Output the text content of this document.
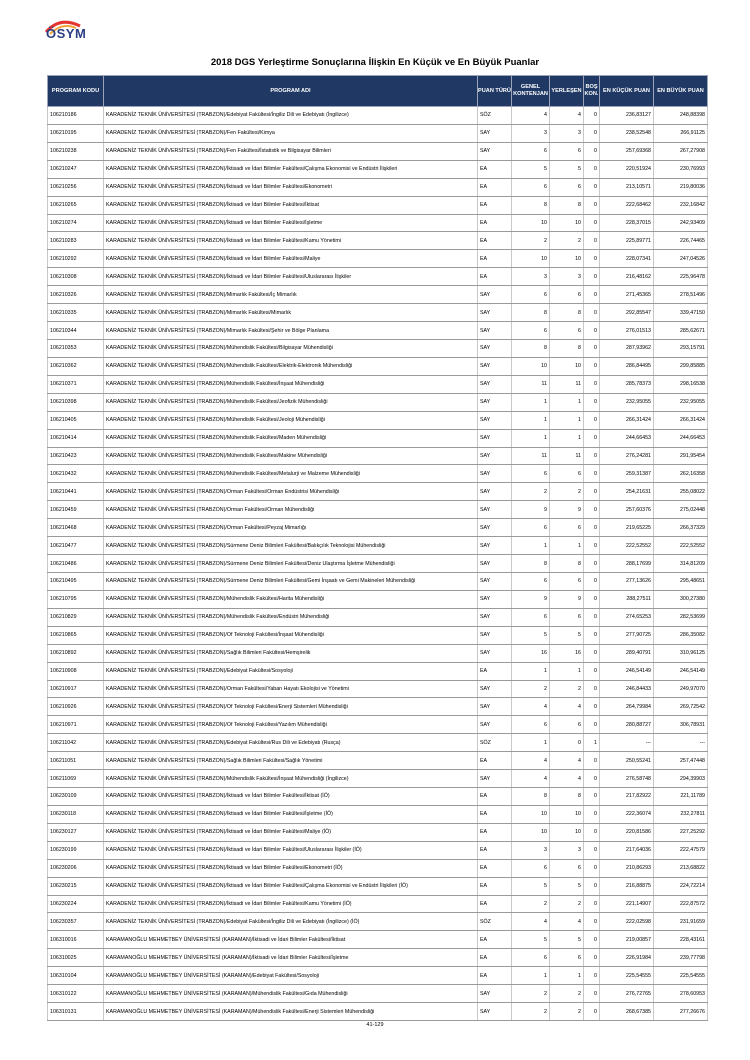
ÖSYM
2018 DGS Yerleştirme Sonuçlarına İlişkin En Küçük ve En Büyük Puanlar
PROGRAM KODU	PROGRAM ADI	PUAN TÜRÜ	GENEL KONTENJAN	YERLEŞEN	BOŞ KON.	EN KÜÇÜK PUAN	EN BÜYÜK PUAN
106210186	KARADENİZ TEKNİK ÜNİVERSİTESİ (TRABZON)/Edebiyat Fakültesi/İngiliz Dili ve Edebiyatı (İngilizce)	SÖZ	4	4	0	236,83127	248,88398
106210195	KARADENİZ TEKNİK ÜNİVERSİTESİ (TRABZON)/Fen Fakültesi/Kimya	SAY	3	3	0	238,52548	266,91125
106210238	KARADENİZ TEKNİK ÜNİVERSİTESİ (TRABZON)/Fen Fakültesi/İstatistik ve Bilgisayar Bilimleri	SAY	6	6	0	257,69368	267,27908
106210247	KARADENİZ TEKNİK ÜNİVERSİTESİ (TRABZON)/İktisadi ve İdari Bilimler Fakültesi/Çalışma Ekonomisi ve Endüstri İlişkileri	EA	5	5	0	220,51924	230,76993
106210256	KARADENİZ TEKNİK ÜNİVERSİTESİ (TRABZON)/İktisadi ve İdari Bilimler Fakültesi/Ekonometri	EA	6	6	0	213,10571	219,80036
106210265	KARADENİZ TEKNİK ÜNİVERSİTESİ (TRABZON)/İktisadi ve İdari Bilimler Fakültesi/İktisat	EA	8	8	0	222,68462	232,16842
106210274	KARADENİZ TEKNİK ÜNİVERSİTESİ (TRABZON)/İktisadi ve İdari Bilimler Fakültesi/İşletme	EA	10	10	0	228,37015	242,93409
106210283	KARADENİZ TEKNİK ÜNİVERSİTESİ (TRABZON)/İktisadi ve İdari Bilimler Fakültesi/Kamu Yönetimi	EA	2	2	0	225,89771	226,74465
106210292	KARADENİZ TEKNİK ÜNİVERSİTESİ (TRABZON)/İktisadi ve İdari Bilimler Fakültesi/Maliye	EA	10	10	0	228,07341	247,04526
106210308	KARADENİZ TEKNİK ÜNİVERSİTESİ (TRABZON)/İktisadi ve İdari Bilimler Fakültesi/Uluslararası İlişkiler	EA	3	3	0	216,48162	225,96478
106210326	KARADENİZ TEKNİK ÜNİVERSİTESİ (TRABZON)/Mimarlık Fakültesi/İç Mimarlık	SAY	6	6	0	271,45365	278,51496
106210335	KARADENİZ TEKNİK ÜNİVERSİTESİ (TRABZON)/Mimarlık Fakültesi/Mimarlık	SAY	8	8	0	292,85547	339,47150
106210344	KARADENİZ TEKNİK ÜNİVERSİTESİ (TRABZON)/Mimarlık Fakültesi/Şehir ve Bölge Planlama	SAY	6	6	0	276,01513	285,62671
106210353	KARADENİZ TEKNİK ÜNİVERSİTESİ (TRABZON)/Mühendislik Fakültesi/Bilgisayar Mühendisliği	SAY	8	8	0	287,93962	293,15791
106210362	KARADENİZ TEKNİK ÜNİVERSİTESİ (TRABZON)/Mühendislik Fakültesi/Elektrik-Elektronik Mühendisliği	SAY	10	10	0	286,84495	299,85885
106210371	KARADENİZ TEKNİK ÜNİVERSİTESİ (TRABZON)/Mühendislik Fakültesi/İnşaat Mühendisliği	SAY	11	11	0	285,78373	298,16538
106210398	KARADENİZ TEKNİK ÜNİVERSİTESİ (TRABZON)/Mühendislik Fakültesi/Jeofizik Mühendisliği	SAY	1	1	0	232,95055	232,95055
106210405	KARADENİZ TEKNİK ÜNİVERSİTESİ (TRABZON)/Mühendislik Fakültesi/Jeoloji Mühendisliği	SAY	1	1	0	266,31424	266,31424
106210414	KARADENİZ TEKNİK ÜNİVERSİTESİ (TRABZON)/Mühendislik Fakültesi/Maden Mühendisliği	SAY	1	1	0	244,66453	244,66453
106210423	KARADENİZ TEKNİK ÜNİVERSİTESİ (TRABZON)/Mühendislik Fakültesi/Makine Mühendisliği	SAY	11	11	0	276,24281	291,95454
106210432	KARADENİZ TEKNİK ÜNİVERSİTESİ (TRABZON)/Mühendislik Fakültesi/Metalurji ve Malzeme Mühendisliği	SAY	6	6	0	259,31387	262,16358
106210441	KARADENİZ TEKNİK ÜNİVERSİTESİ (TRABZON)/Orman Fakültesi/Orman Endüstrisi Mühendisliği	SAY	2	2	0	254,21631	255,08022
106210459	KARADENİZ TEKNİK ÜNİVERSİTESİ (TRABZON)/Orman Fakültesi/Orman Mühendisliği	SAY	9	9	0	257,60376	275,02448
106210468	KARADENİZ TEKNİK ÜNİVERSİTESİ (TRABZON)/Orman Fakültesi/Peyzaj Mimarlığı	SAY	6	6	0	219,65225	266,37329
106210477	KARADENİZ TEKNİK ÜNİVERSİTESİ (TRABZON)/Sürmene Deniz Bilimleri Fakültesi/Balıkçılık Teknolojisi Mühendisliği	SAY	1	1	0	222,52552	222,52552
106210486	KARADENİZ TEKNİK ÜNİVERSİTESİ (TRABZON)/Sürmene Deniz Bilimleri Fakültesi/Deniz Ulaştırma İşletme Mühendisliği	SAY	8	8	0	288,17699	314,81209
106210495	KARADENİZ TEKNİK ÜNİVERSİTESİ (TRABZON)/Sürmene Deniz Bilimleri Fakültesi/Gemi İnşaatı ve Gemi Makineleri Mühendisliği	SAY	6	6	0	277,13626	295,48651
106210795	KARADENİZ TEKNİK ÜNİVERSİTESİ (TRABZON)/Mühendislik Fakültesi/Harita Mühendisliği	SAY	9	9	0	288,27511	300,27380
106210829	KARADENİZ TEKNİK ÜNİVERSİTESİ (TRABZON)/Mühendislik Fakültesi/Endüstri Mühendisliği	SAY	6	6	0	274,65253	282,53699
106210865	KARADENİZ TEKNİK ÜNİVERSİTESİ (TRABZON)/Of Teknoloji Fakültesi/İnşaat Mühendisliği	SAY	5	5	0	277,90725	286,35082
106210892	KARADENİZ TEKNİK ÜNİVERSİTESİ (TRABZON)/Sağlık Bilimleri Fakültesi/Hemşirelik	SAY	16	16	0	289,40791	310,96125
106210908	KARADENİZ TEKNİK ÜNİVERSİTESİ (TRABZON)/Edebiyat Fakültesi/Sosyoloji	EA	1	1	0	246,54149	246,54149
106210917	KARADENİZ TEKNİK ÜNİVERSİTESİ (TRABZON)/Orman Fakültesi/Yaban Hayatı Ekolojisi ve Yönetimi	SAY	2	2	0	246,84433	249,97070
106210926	KARADENİZ TEKNİK ÜNİVERSİTESİ (TRABZON)/Of Teknoloji Fakültesi/Enerji Sistemleri Mühendisliği	SAY	4	4	0	264,79984	269,72542
106210971	KARADENİZ TEKNİK ÜNİVERSİTESİ (TRABZON)/Of Teknoloji Fakültesi/Yazılım Mühendisliği	SAY	6	6	0	280,88727	306,78931
106211042	KARADENİZ TEKNİK ÜNİVERSİTESİ (TRABZON)/Edebiyat Fakültesi/Rus Dili ve Edebiyatı (Rusça)	SÖZ	1	0	1	---	---
106211051	KARADENİZ TEKNİK ÜNİVERSİTESİ (TRABZON)/Sağlık Bilimleri Fakültesi/Sağlık Yönetimi	EA	4	4	0	250,55241	257,47448
106211069	KARADENİZ TEKNİK ÜNİVERSİTESİ (TRABZON)/Mühendislik Fakültesi/İnşaat Mühendisliği (İngilizce)	SAY	4	4	0	276,58748	294,39903
106230109	KARADENİZ TEKNİK ÜNİVERSİTESİ (TRABZON)/İktisadi ve İdari Bilimler Fakültesi/İktisat (İÖ)	EA	8	8	0	217,82922	221,11789
106230118	KARADENİZ TEKNİK ÜNİVERSİTESİ (TRABZON)/İktisadi ve İdari Bilimler Fakültesi/İşletme (İÖ)	EA	10	10	0	222,36074	232,27811
106230127	KARADENİZ TEKNİK ÜNİVERSİTESİ (TRABZON)/İktisadi ve İdari Bilimler Fakültesi/Maliye (İÖ)	EA	10	10	0	220,81586	227,25292
106230199	KARADENİZ TEKNİK ÜNİVERSİTESİ (TRABZON)/İktisadi ve İdari Bilimler Fakültesi/Uluslararası İlişkiler (İÖ)	EA	3	3	0	217,64036	222,47579
106230206	KARADENİZ TEKNİK ÜNİVERSİTESİ (TRABZON)/İktisadi ve İdari Bilimler Fakültesi/Ekonometri (İÖ)	EA	6	6	0	210,86293	213,68822
106230215	KARADENİZ TEKNİK ÜNİVERSİTESİ (TRABZON)/İktisadi ve İdari Bilimler Fakültesi/Çalışma Ekonomisi ve Endüstri İlişkileri (İÖ)	EA	5	5	0	216,88875	224,72214
106230224	KARADENİZ TEKNİK ÜNİVERSİTESİ (TRABZON)/İktisadi ve İdari Bilimler Fakültesi/Kamu Yönetimi (İÖ)	EA	2	2	0	221,14907	222,87572
106230357	KARADENİZ TEKNİK ÜNİVERSİTESİ (TRABZON)/Edebiyat Fakültesi/İngiliz Dili ve Edebiyatı (İngilizce) (İÖ)	SÖZ	4	4	0	222,02598	231,91659
106310016	KARAMANOĞLU MEHMETBEY ÜNİVERSİTESİ (KARAMAN)/İktisadi ve İdari Bilimler Fakültesi/İktisat	EA	5	5	0	219,00857	228,43161
106310025	KARAMANOĞLU MEHMETBEY ÜNİVERSİTESİ (KARAMAN)/İktisadi ve İdari Bilimler Fakültesi/İşletme	EA	6	6	0	226,91984	239,77798
106310104	KARAMANOĞLU MEHMETBEY ÜNİVERSİTESİ (KARAMAN)/Edebiyat Fakültesi/Sosyoloji	EA	1	1	0	225,54555	225,54555
106310122	KARAMANOĞLU MEHMETBEY ÜNİVERSİTESİ (KARAMAN)/Mühendislik Fakültesi/Gıda Mühendisliği	SAY	2	2	0	276,72765	278,60953
106310131	KARAMANOĞLU MEHMETBEY ÜNİVERSİTESİ (KARAMAN)/Mühendislik Fakültesi/Enerji Sistemleri Mühendisliği	SAY	2	2	0	268,67385	277,26676
41-129
